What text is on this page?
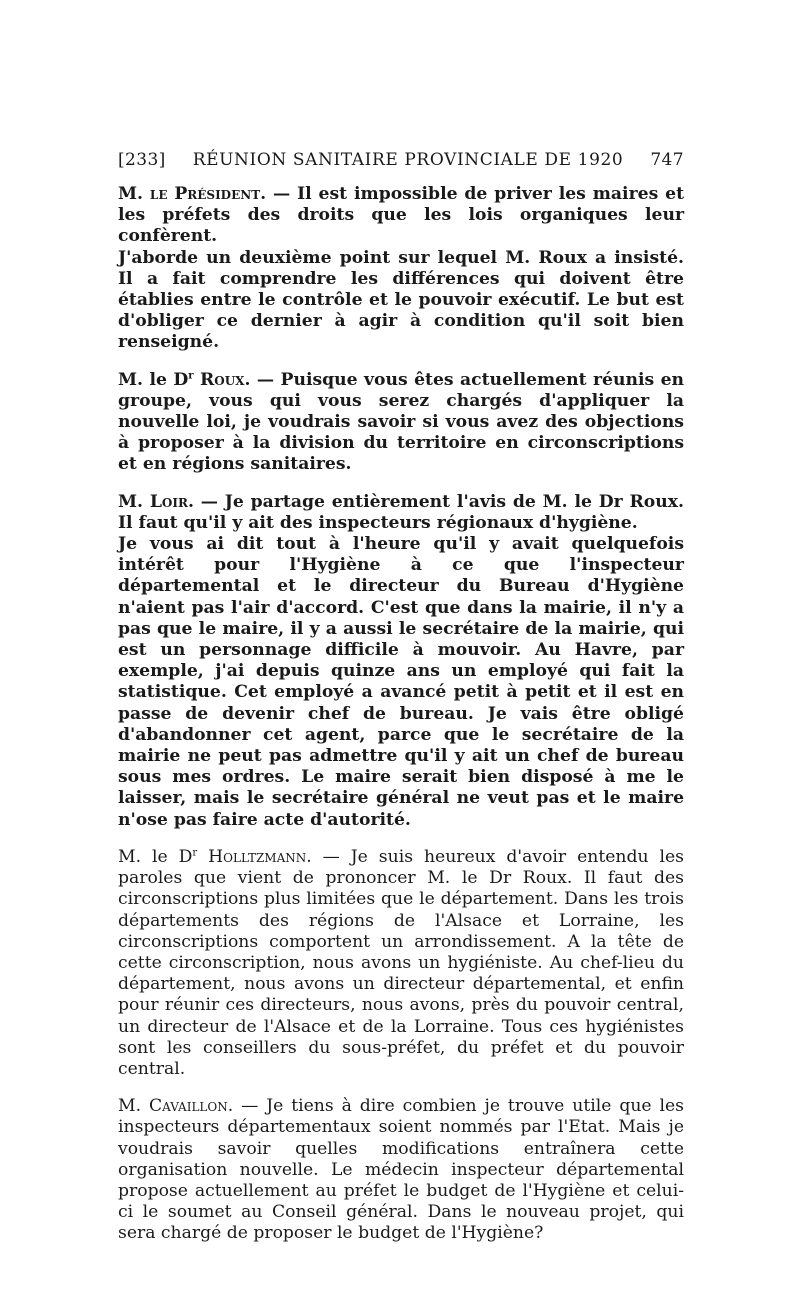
[233] RÉUNION SANITAIRE PROVINCIALE DE 1920 747

M. le Président. — Il est impossible de priver les maires et les préfets des droits que les lois organiques leur confèrent.

J'aborde un deuxième point sur lequel M. Roux a insisté. Il a fait comprendre les différences qui doivent être établies entre le contrôle et le pouvoir exécutif. Le but est d'obliger ce dernier à agir à condition qu'il soit bien renseigné.

M. le $D^r$ Roux. — Puisque vous êtes actuellement réunis en groupe, vous qui vous serez chargés d'appliquer la nouvelle loi, je voudrais savoir si vous avez des objections à proposer à la division du territoire en circonscriptions et en régions sanitaires.

M. Loir. — Je partage entièrement l'avis de M. le Dr Roux. Il faut qu'il y ait des inspecteurs régionaux d'hygiène.

Je vous ai dit tout à l'heure qu'il y avait quelquefois intérêt pour l'Hygiène à ce que l'inspecteur départemental et le directeur du Bureau d'Hygiène n'aient pas l'air d'accord. C'est que dans la mairie, il n'y a pas que le maire, il y a aussi le secrétaire de la mairie, qui est un personnage difficile à mouvoir. Au Havre, par exemple, j'ai depuis quinze ans un employé qui fait la statistique. Cet employé a avancé petit à petit et il est en passe de devenir chef de bureau. Je vais être obligé d'abandonner cet agent, parce que le secrétaire de la mairie ne peut pas admettre qu'il y ait un chef de bureau sous mes ordres. Le maire serait bien disposé à me le laisser, mais le secrétaire général ne veut pas et le maire n'ose pas faire acte d'autorité.

M. le $D^r$ Holltzmann. — Je suis heureux d'avoir entendu les paroles que vient de prononcer M. le Dr Roux. Il faut des circonscriptions plus limitées que le département. Dans les trois départements des régions de l'Alsace et Lorraine, les circonscriptions comportent un arrondissement. A la tête de cette circonscription, nous avons un hygiéniste. Au chef-lieu du département, nous avons un directeur départemental, et enfin pour réunir ces directeurs, nous avons, près du pouvoir central, un directeur de l'Alsace et de la Lorraine. Tous ces hygiénistes sont les conseillers du sous-préfet, du préfet et du pouvoir central.

M. Cavaillon. — Je tiens à dire combien je trouve utile que les inspecteurs départementaux soient nommés par l'Etat. Mais je voudrais savoir quelles modifications entraînera cette organisation nouvelle. Le médecin inspecteur départemental propose actuellement au préfet le budget de l'Hygiène et celui-ci le soumet au Conseil général. Dans le nouveau projet, qui sera chargé de proposer le budget de l'Hygiène?
